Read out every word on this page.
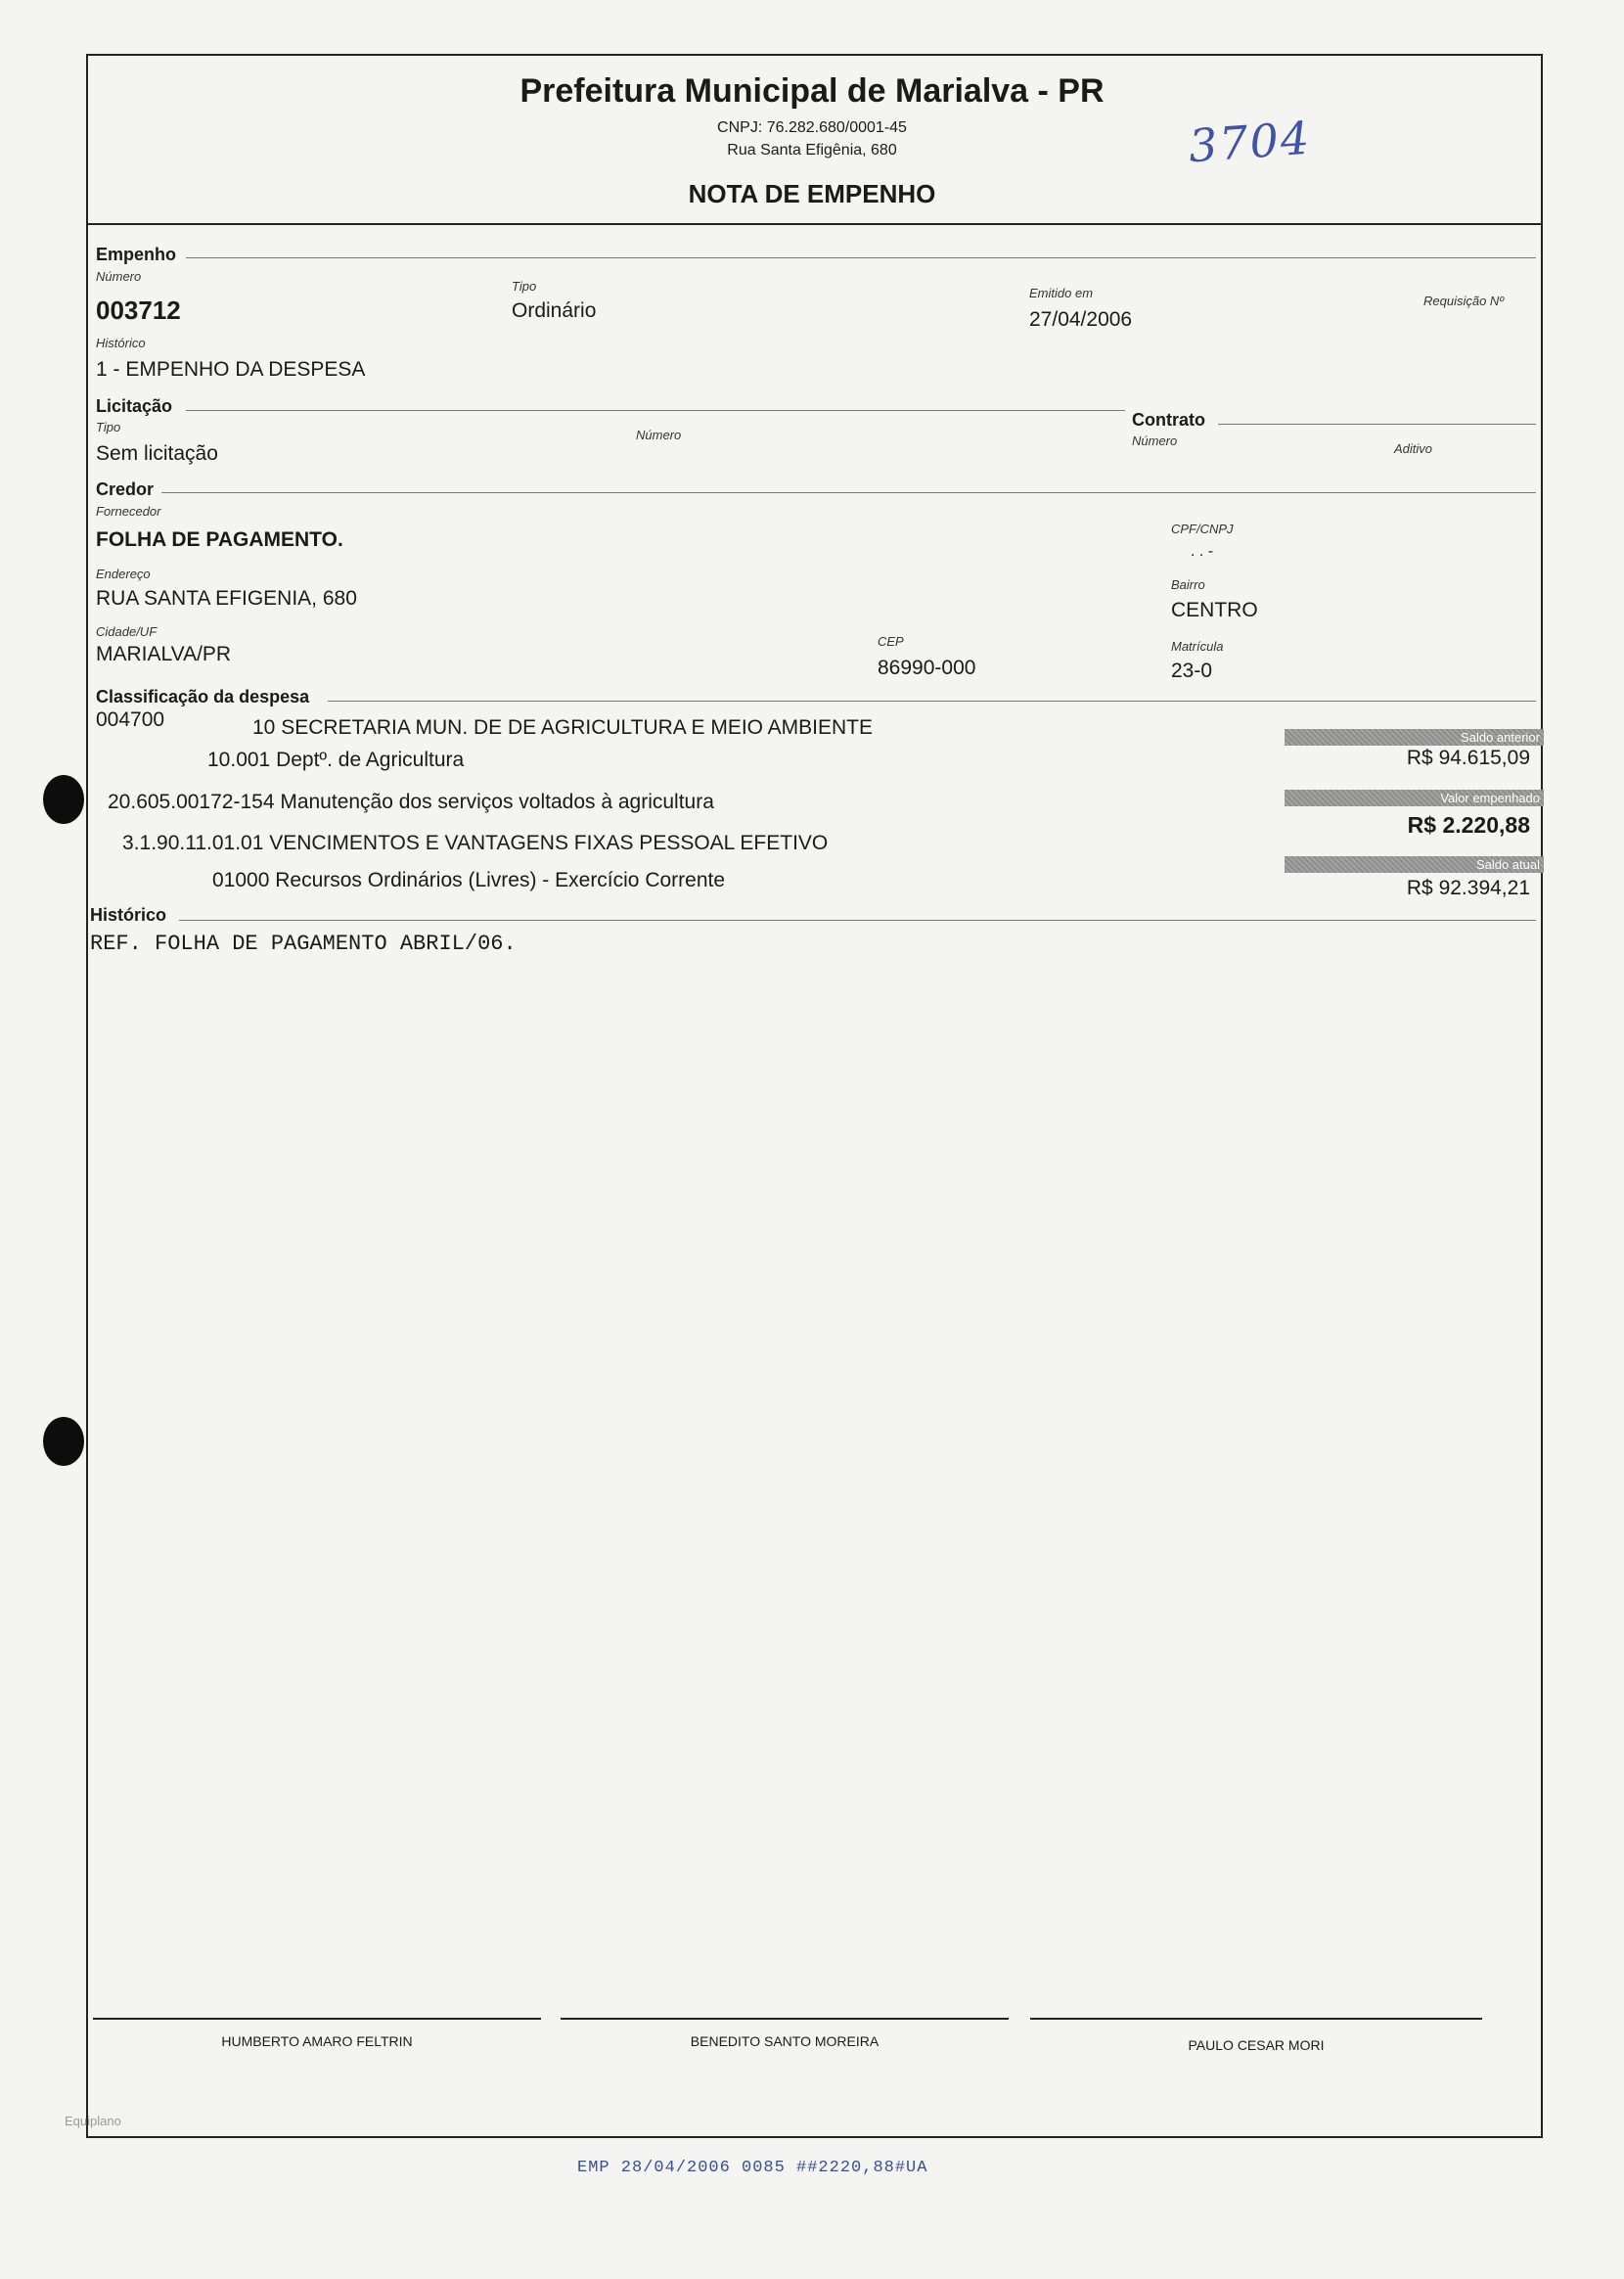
Prefeitura Municipal de Marialva - PR
CNPJ: 76.282.680/0001-45
Rua Santa Efigênia, 680
NOTA DE EMPENHO
3704
Empenho
Número
003712
Tipo
Ordinário
Emitido em
27/04/2006
Requisição Nº
Histórico
1 - EMPENHO DA DESPESA
Licitação
Tipo
Sem licitação
Número
Contrato
Número
Aditivo
Credor
Fornecedor
FOLHA DE PAGAMENTO.	CPF/CNPJ
. . -
Endereço
RUA SANTA EFIGENIA, 680
Bairro
CENTRO
Cidade/UF
MARIALVA/PR
CEP
86990-000
Matrícula
23-0
Classificação da despesa
004700	10 SECRETARIA MUN. DE DE AGRICULTURA E MEIO AMBIENTE
10.001 Deptº. de Agricultura
20.605.00172-154 Manutenção dos serviços voltados à agricultura
3.1.90.11.01.01 VENCIMENTOS E VANTAGENS FIXAS PESSOAL EFETIVO
01000 Recursos Ordinários (Livres) - Exercício Corrente
Saldo anterior
R$ 94.615,09
Valor empenhado
R$ 2.220,88
Saldo atual
R$ 92.394,21
Histórico
REF. FOLHA DE PAGAMENTO ABRIL/06.
HUMBERTO AMARO FELTRIN	BENEDITO SANTO MOREIRA	PAULO CESAR MORI
Equiplano
EMP 28/04/2006 0085 ##2220,88#UA
